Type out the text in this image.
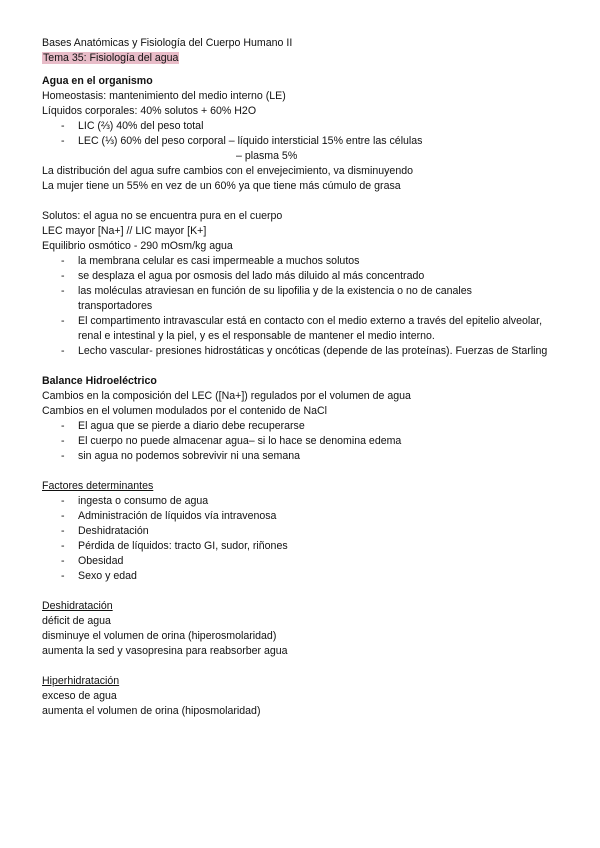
Bases Anatómicas y Fisiología del Cuerpo Humano II
Tema 35: Fisiología del agua
Agua en el organismo
Homeostasis: mantenimiento del medio interno (LE)
Líquidos corporales: 40% solutos + 60% H2O
- LIC (⅔) 40% del peso total
- LEC (⅓) 60% del peso corporal – líquido intersticial 15% entre las células
– plasma 5%
La distribución del agua sufre cambios con el envejecimiento, va disminuyendo
La mujer tiene un 55% en vez de un 60% ya que tiene más cúmulo de grasa
Solutos: el agua no se encuentra pura en el cuerpo
LEC mayor [Na+] // LIC mayor [K+]
Equilibrio osmótico - 290 mOsm/kg agua
- la membrana celular es casi impermeable a muchos solutos
- se desplaza el agua por osmosis del lado más diluido al más concentrado
- las moléculas atraviesan en función de su lipofilia y de la existencia o no de canales
transportadores
- El compartimento intravascular está en contacto con el medio externo a través del epitelio alveolar,
renal e intestinal y la piel, y es el responsable de mantener el medio interno.
- Lecho vascular- presiones hidrostáticas y oncóticas (depende de las proteínas). Fuerzas de Starling
Balance Hidroeléctrico
Cambios en la composición del LEC ([Na+]) regulados por el volumen de agua
Cambios en el volumen modulados por el contenido de NaCl
- El agua que se pierde a diario debe recuperarse
- El cuerpo no puede almacenar agua– si lo hace se denomina edema
- sin agua no podemos sobrevivir ni una semana
Factores determinantes
- ingesta o consumo de agua
- Administración de líquidos vía intravenosa
- Deshidratación
- Pérdida de líquidos: tracto GI, sudor, riñones
- Obesidad
- Sexo y edad
Deshidratación
déficit de agua
disminuye el volumen de orina (hiperosmolaridad)
aumenta la sed y vasopresina para reabsorber agua
Hiperhidratación
exceso de agua
aumenta el volumen de orina (hiposmolaridad)
